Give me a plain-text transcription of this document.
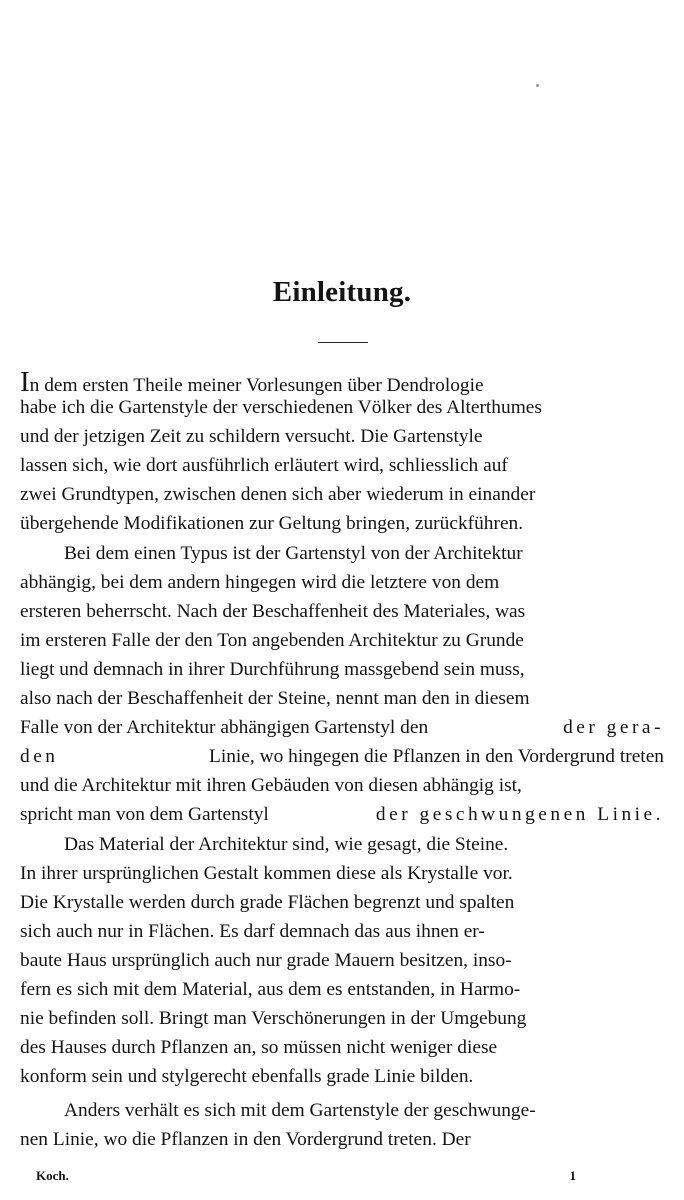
Einleitung.
In dem ersten Theile meiner Vorlesungen über Dendrologie
habe ich die Gartenstyle der verschiedenen Völker des Alterthumes
und der jetzigen Zeit zu schildern versucht. Die Gartenstyle
lassen sich, wie dort ausführlich erläutert wird, schliesslich auf
zwei Grundtypen, zwischen denen sich aber wiederum in einander
übergehende Modifikationen zur Geltung bringen, zurückführen.
Bei dem einen Typus ist der Gartenstyl von der Architektur
abhängig, bei dem andern hingegen wird die letztere von dem
ersteren beherrscht. Nach der Beschaffenheit des Materiales, was
im ersteren Falle der den Ton angebenden Architektur zu Grunde
liegt und demnach in ihrer Durchführung massgebend sein muss,
also nach der Beschaffenheit der Steine, nennt man den in diesem
Falle von der Architektur abhängigen Gartenstyl den	der gera-
den	Linie, wo hingegen die Pflanzen in den Vordergrund treten
und die Architektur mit ihren Gebäuden von diesen abhängig ist,
spricht man von dem Gartenstyl	der geschwungenen Linie.
Das Material der Architektur sind, wie gesagt, die Steine.
In ihrer ursprünglichen Gestalt kommen diese als Krystalle vor.
Die Krystalle werden durch grade Flächen begrenzt und spalten
sich auch nur in Flächen. Es darf demnach das aus ihnen er-
baute Haus ursprünglich auch nur grade Mauern besitzen, inso-
fern es sich mit dem Material, aus dem es entstanden, in Harmo-
nie befinden soll. Bringt man Verschönerungen in der Umgebung
des Hauses durch Pflanzen an, so müssen nicht weniger diese
konform sein und stylgerecht ebenfalls grade Linie bilden.
Anders verhält es sich mit dem Gartenstyle der geschwunge-
nen Linie, wo die Pflanzen in den Vordergrund treten. Der
Koch.	1
